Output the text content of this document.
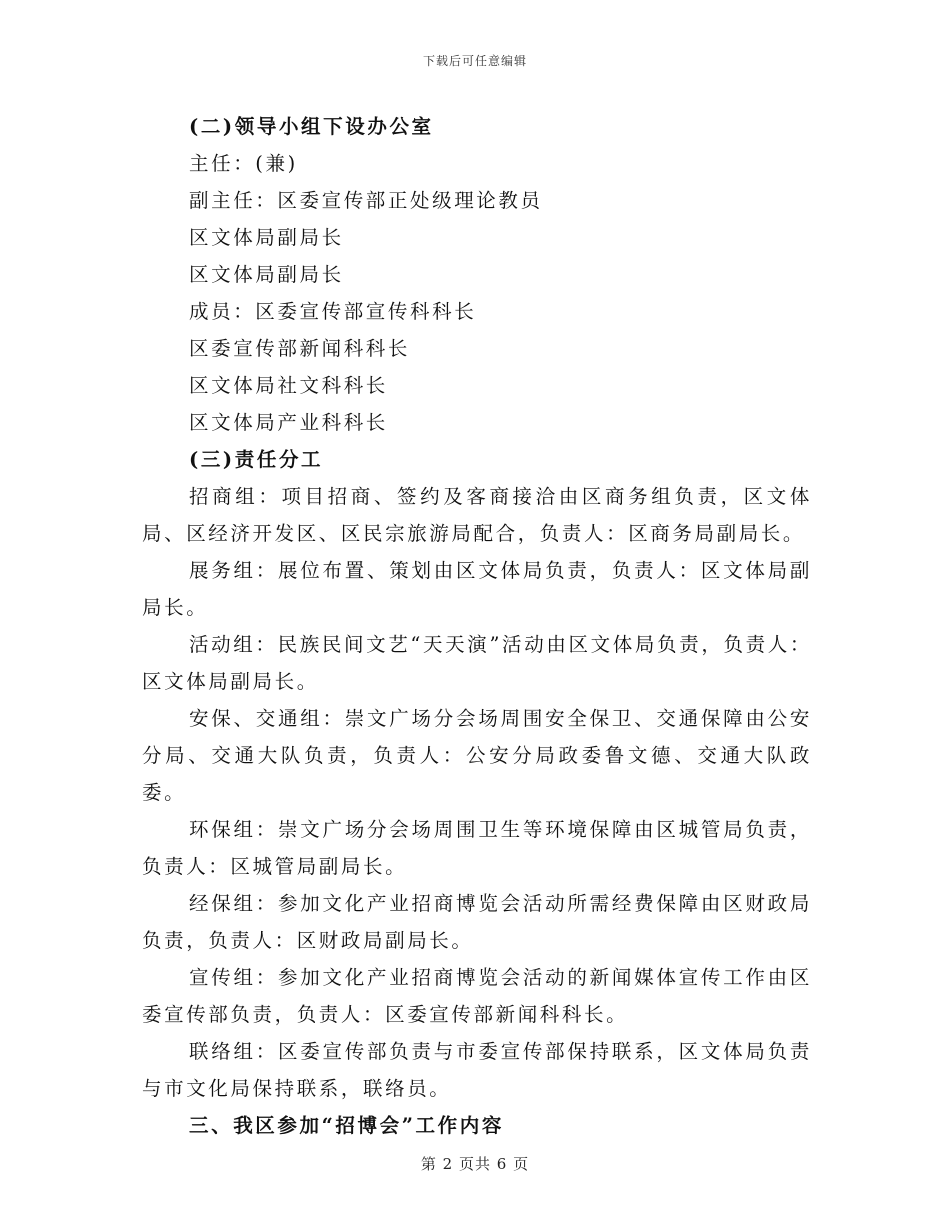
下载后可任意编辑
(二)领导小组下设办公室
主任：(兼)
副主任：区委宣传部正处级理论教员
区文体局副局长
区文体局副局长
成员：区委宣传部宣传科科长
区委宣传部新闻科科长
区文体局社文科科长
区文体局产业科科长
(三)责任分工
招商组：项目招商、签约及客商接洽由区商务组负责，区文体局、区经济开发区、区民宗旅游局配合，负责人：区商务局副局长。
展务组：展位布置、策划由区文体局负责，负责人：区文体局副局长。
活动组：民族民间文艺“天天演”活动由区文体局负责，负责人：区文体局副局长。
安保、交通组：崇文广场分会场周围安全保卫、交通保障由公安分局、交通大队负责，负责人：公安分局政委鲁文德、交通大队政委。
环保组：崇文广场分会场周围卫生等环境保障由区城管局负责，负责人：区城管局副局长。
经保组：参加文化产业招商博览会活动所需经费保障由区财政局负责，负责人：区财政局副局长。
宣传组：参加文化产业招商博览会活动的新闻媒体宣传工作由区委宣传部负责，负责人：区委宣传部新闻科科长。
联络组：区委宣传部负责与市委宣传部保持联系，区文体局负责与市文化局保持联系，联络员。
三、我区参加“招博会”工作内容
第 2 页共 6 页
